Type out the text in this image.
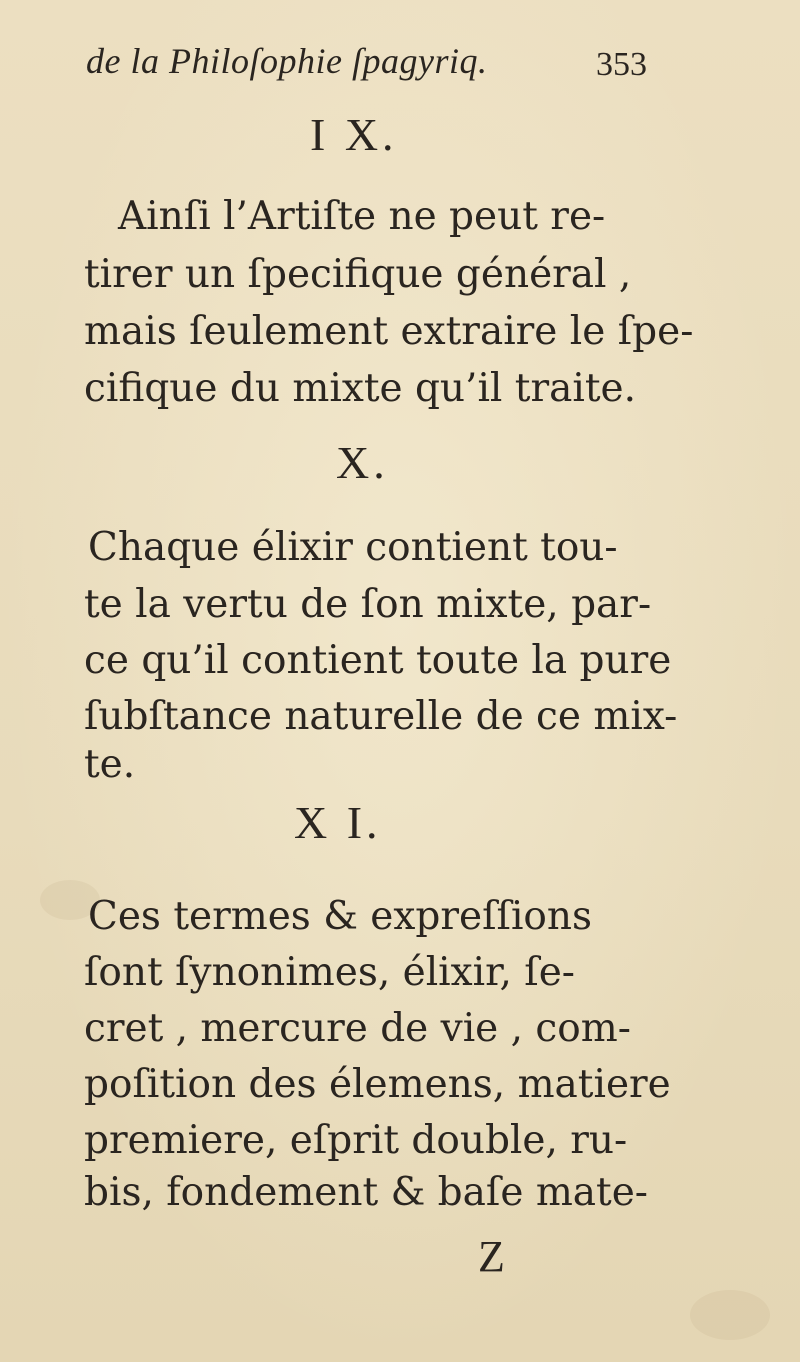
de la Philoſophie ſpagyriq.	353
I X.
Ainſi l’Artiſte ne peut re-
tirer un ſpecifique général ,
mais ſeulement extraire le ſpe-
cifique du mixte qu’il traite.
X.
Chaque élixir contient tou-
te la vertu de ſon mixte, par-
ce qu’il contient toute la pure
ſubſtance naturelle de ce mix-
te.
X I.
Ces termes & expreſſions
ſont ſynonimes, élixir, ſe-
cret , mercure de vie , com-
poſition des élemens, matiere
premiere, eſprit double, ru-
bis, fondement & baſe mate-
Z
